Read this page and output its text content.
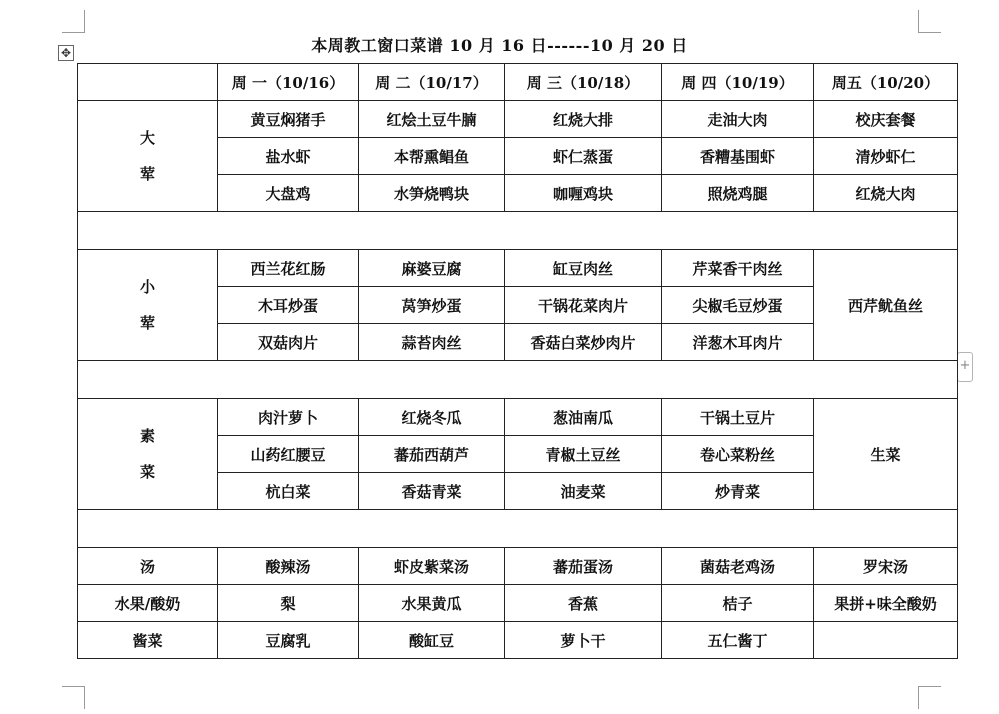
✥
+
本周教工窗口菜谱 10 月 16 日------10 月 20 日
	周 一（10/16）	周 二（10/17）	周 三（10/18）	周 四（10/19）	周五（10/20）

大
荤	黄豆焖猪手	红烩土豆牛腩	红烧大排	走油大肉	校庆套餐
	盐水虾	本帮熏鲳鱼	虾仁蒸蛋	香糟基围虾	清炒虾仁
	大盘鸡	水笋烧鸭块	咖喱鸡块	照烧鸡腿	红烧大肉

小
荤	西兰花红肠	麻婆豆腐	缸豆肉丝	芹菜香干肉丝	西芹鱿鱼丝
	木耳炒蛋	莴笋炒蛋	干锅花菜肉片	尖椒毛豆炒蛋	
	双菇肉片	蒜苔肉丝	香菇白菜炒肉片	洋葱木耳肉片	

素
菜	肉汁萝卜	红烧冬瓜	葱油南瓜	干锅土豆片	生菜
	山药红腰豆	蕃茄西葫芦	青椒土豆丝	卷心菜粉丝	
	杭白菜	香菇青菜	油麦菜	炒青菜	

汤	酸辣汤	虾皮紫菜汤	蕃茄蛋汤	菌菇老鸡汤	罗宋汤
水果/酸奶	梨	水果黄瓜	香蕉	桔子	果拼+味全酸奶
酱菜	豆腐乳	酸缸豆	萝卜干	五仁酱丁	
